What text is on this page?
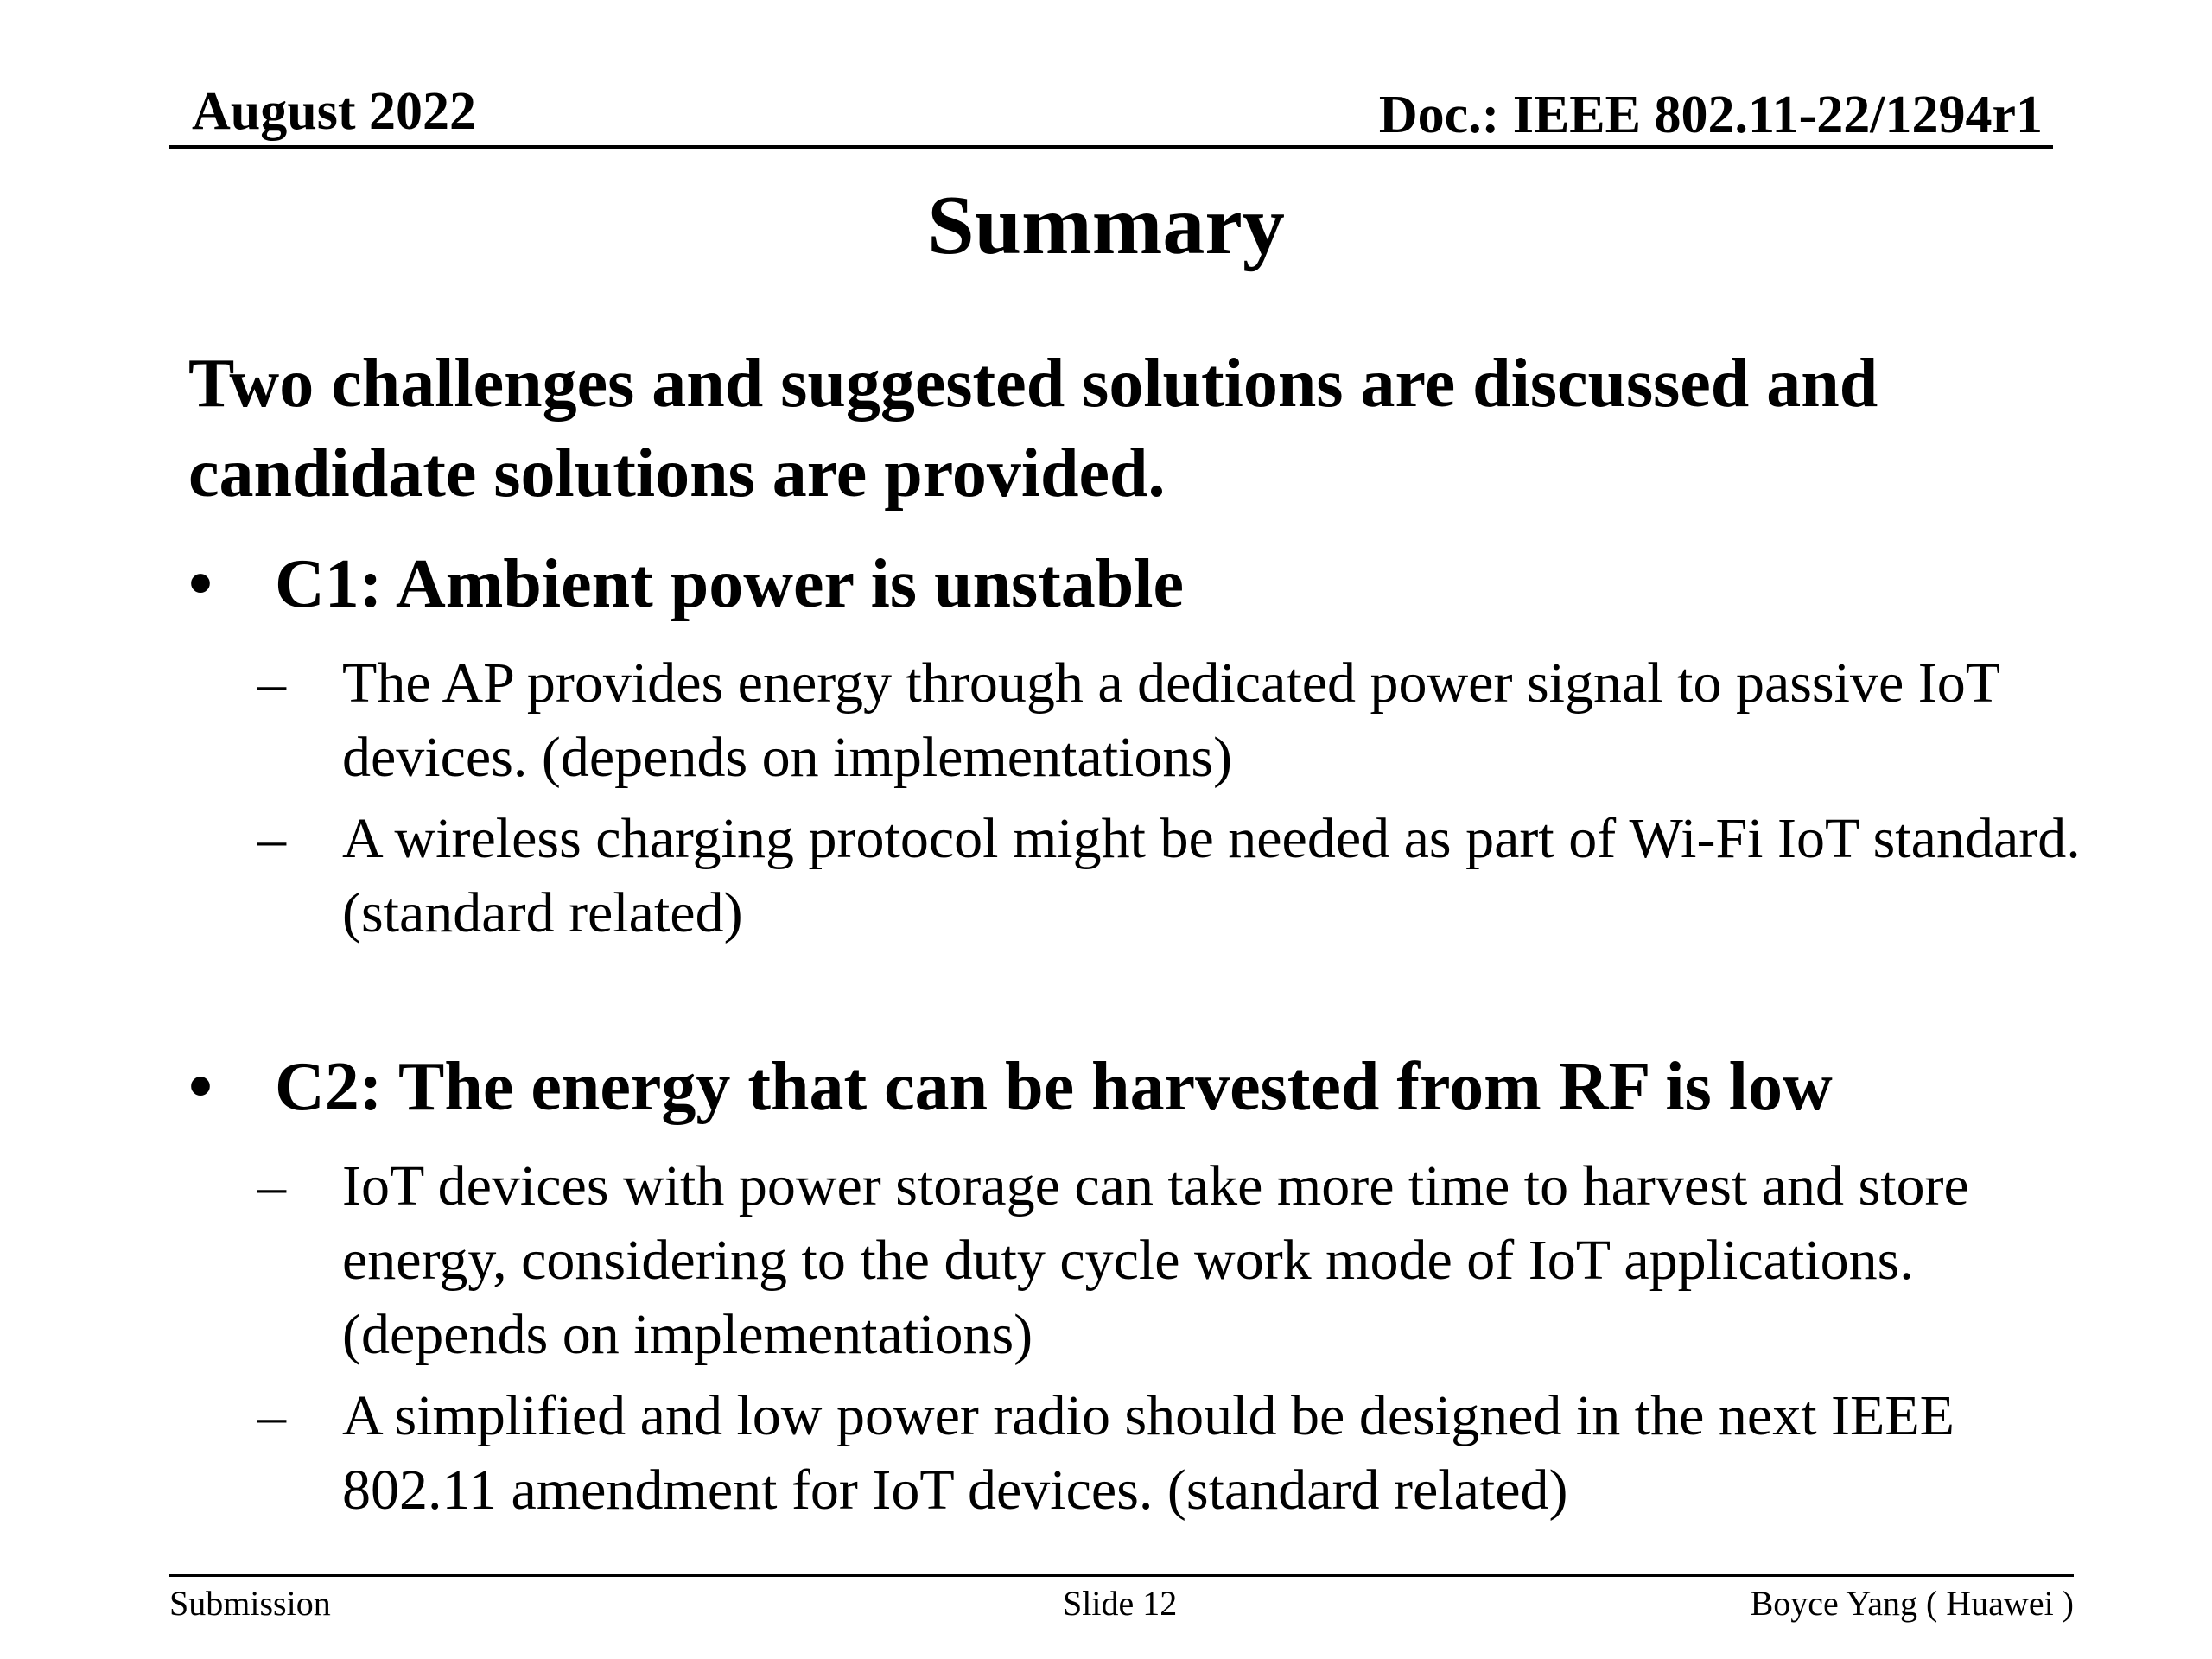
August 2022	Doc.: IEEE 802.11-22/1294r1
Summary
Two challenges and suggested solutions are discussed and candidate solutions are provided.
• C1: Ambient power is unstable
– The AP provides energy through a dedicated power signal to passive IoT devices. (depends on implementations)
– A wireless charging protocol might be needed as part of Wi-Fi IoT standard. (standard related)
• C2: The energy that can be harvested from RF is low
– IoT devices with power storage can take more time to harvest and store energy, considering to the duty cycle work mode of IoT applications. (depends on implementations)
– A simplified and low power radio should be designed in the next IEEE 802.11 amendment for IoT devices. (standard related)
Submission	Slide 12	Boyce Yang ( Huawei )
